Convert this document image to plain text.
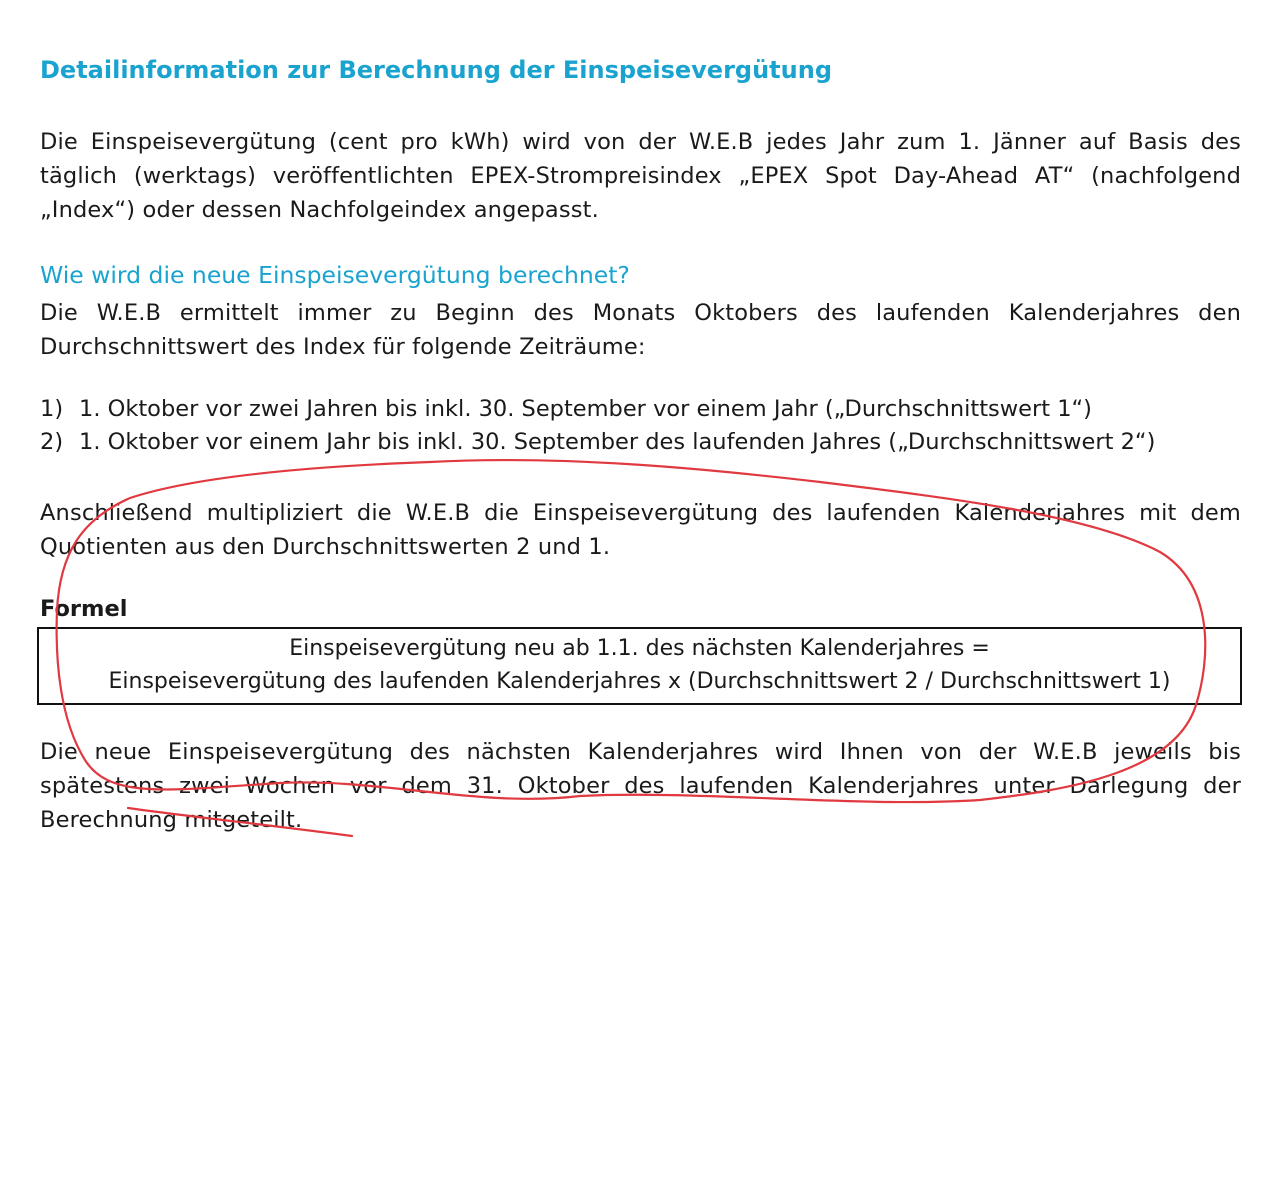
Detailinformation zur Berechnung der Einspeisevergütung
Die Einspeisevergütung (cent pro kWh) wird von der W.E.B jedes Jahr zum 1. Jänner auf Basis des
täglich (werktags) veröffentlichten EPEX-Strompreisindex „EPEX Spot Day-Ahead AT“ (nachfolgend
„Index“) oder dessen Nachfolgeindex angepasst.
Wie wird die neue Einspeisevergütung berechnet?
Die W.E.B ermittelt immer zu Beginn des Monats Oktobers des laufenden Kalenderjahres den
Durchschnittswert des Index für folgende Zeiträume:
1) 1. Oktober vor zwei Jahren bis inkl. 30. September vor einem Jahr („Durchschnittswert 1“)
2) 1. Oktober vor einem Jahr bis inkl. 30. September des laufenden Jahres („Durchschnittswert 2“)
Anschließend multipliziert die W.E.B die Einspeisevergütung des laufenden Kalenderjahres mit dem
Quotienten aus den Durchschnittswerten 2 und 1.
Formel
Einspeisevergütung neu ab 1.1. des nächsten Kalenderjahres =
Einspeisevergütung des laufenden Kalenderjahres x (Durchschnittswert 2 / Durchschnittswert 1)
Die neue Einspeisevergütung des nächsten Kalenderjahres wird Ihnen von der W.E.B jeweils bis
spätestens zwei Wochen vor dem 31. Oktober des laufenden Kalenderjahres unter Darlegung der
Berechnung mitgeteilt.
